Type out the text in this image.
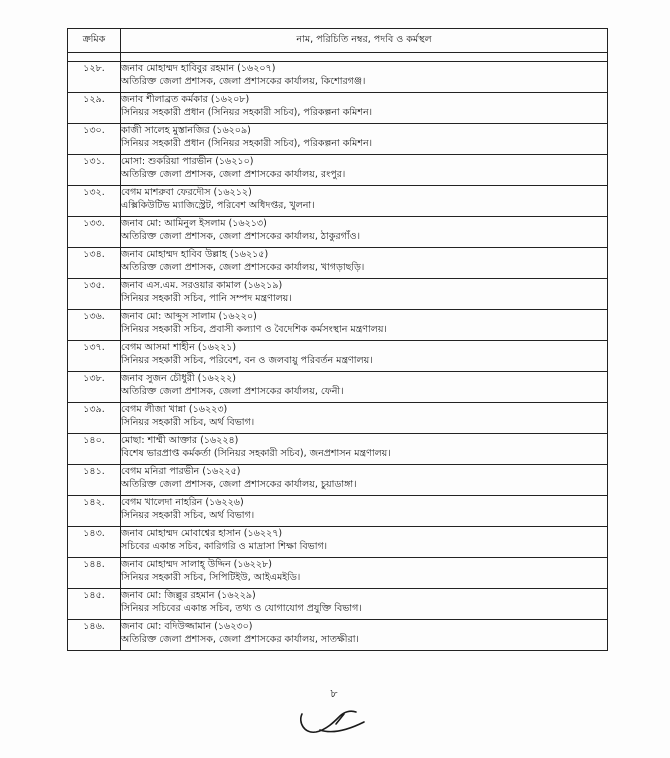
ক্রমিক	নাম, পরিচিতি নম্বর, পদবি ও কর্মস্থল

১২৮.	জনাব মোহাম্মদ হাবিবুর রহমান (১৬২০৭)
অতিরিক্ত জেলা প্রশাসক, জেলা প্রশাসকের কার্যালয়, কিশোরগঞ্জ।

১২৯.	জনাব শীলাব্রত কর্মকার (১৬২০৮)
সিনিয়র সহকারী প্রধান (সিনিয়র সহকারী সচিব), পরিকল্পনা কমিশন।

১৩০.	কাজী সালেহ মুস্তানজির (১৬২০৯)
সিনিয়র সহকারী প্রধান (সিনিয়র সহকারী সচিব), পরিকল্পনা কমিশন।

১৩১.	মোসা: শুকরিয়া পারভীন (১৬২১০)
অতিরিক্ত জেলা প্রশাসক, জেলা প্রশাসকের কার্যালয়, রংপুর।

১৩২.	বেগম মাশরুবা ফেরদৌস (১৬২১২)
এক্সিকিউটিভ ম্যাজিস্ট্রেট, পরিবেশ অধিদপ্তর, খুলনা।

১৩৩.	জনাব মো: আমিনুল ইসলাম (১৬২১৩)
অতিরিক্ত জেলা প্রশাসক, জেলা প্রশাসকের কার্যালয়, ঠাকুরগাঁও।

১৩৪.	জনাব মোহাম্মদ হাবিব উল্লাহ (১৬২১৫)
অতিরিক্ত জেলা প্রশাসক, জেলা প্রশাসকের কার্যালয়, খাগড়াছড়ি।

১৩৫.	জনাব এস.এম. সরওয়ার কামাল (১৬২১৯)
সিনিয়র সহকারী সচিব, পানি সম্পদ মন্ত্রণালয়।

১৩৬.	জনাব মো: আব্দুস সালাম (১৬২২০)
সিনিয়র সহকারী সচিব, প্রবাসী কল্যাণ ও বৈদেশিক কর্মসংস্থান মন্ত্রণালয়।

১৩৭.	বেগম আসমা শাহীন (১৬২২১)
সিনিয়র সহকারী সচিব, পরিবেশ, বন ও জলবায়ু পরিবর্তন মন্ত্রণালয়।

১৩৮.	জনাব সুজন চৌধুরী (১৬২২২)
অতিরিক্ত জেলা প্রশাসক, জেলা প্রশাসকের কার্যালয়, ফেনী।

১৩৯.	বেগম লীজা খান্না (১৬২২৩)
সিনিয়র সহকারী সচিব, অর্থ বিভাগ।

১৪০.	মোছা: শাম্মী আক্তার (১৬২২৪)
বিশেষ ভারপ্রাপ্ত কর্মকর্তা (সিনিয়র সহকারী সচিব), জনপ্রশাসন মন্ত্রণালয়।

১৪১.	বেগম মনিরা পারভীন (১৬২২৫)
অতিরিক্ত জেলা প্রশাসক, জেলা প্রশাসকের কার্যালয়, চুয়াডাঙ্গা।

১৪২.	বেগম খালেদা নাহরিন (১৬২২৬)
সিনিয়র সহকারী সচিব, অর্থ বিভাগ।

১৪৩.	জনাব মোহাম্মদ মোবাশ্বের হাসান (১৬২২৭)
সচিবের একান্ত সচিব, কারিগরি ও মাদ্রাসা শিক্ষা বিভাগ।

১৪৪.	জনাব মোহাম্মদ সালাহ্ উদ্দিন (১৬২২৮)
সিনিয়র সহকারী সচিব, সিপিটিইউ, আইএমইডি।

১৪৫.	জনাব মো: জিল্লুর রহমান (১৬২২৯)
সিনিয়র সচিবের একান্ত সচিব, তথ্য ও যোগাযোগ প্রযুক্তি বিভাগ।

১৪৬.	জনাব মো: বদিউজ্জামান (১৬২৩০)
অতিরিক্ত জেলা প্রশাসক, জেলা প্রশাসকের কার্যালয়, সাতক্ষীরা।
৮
